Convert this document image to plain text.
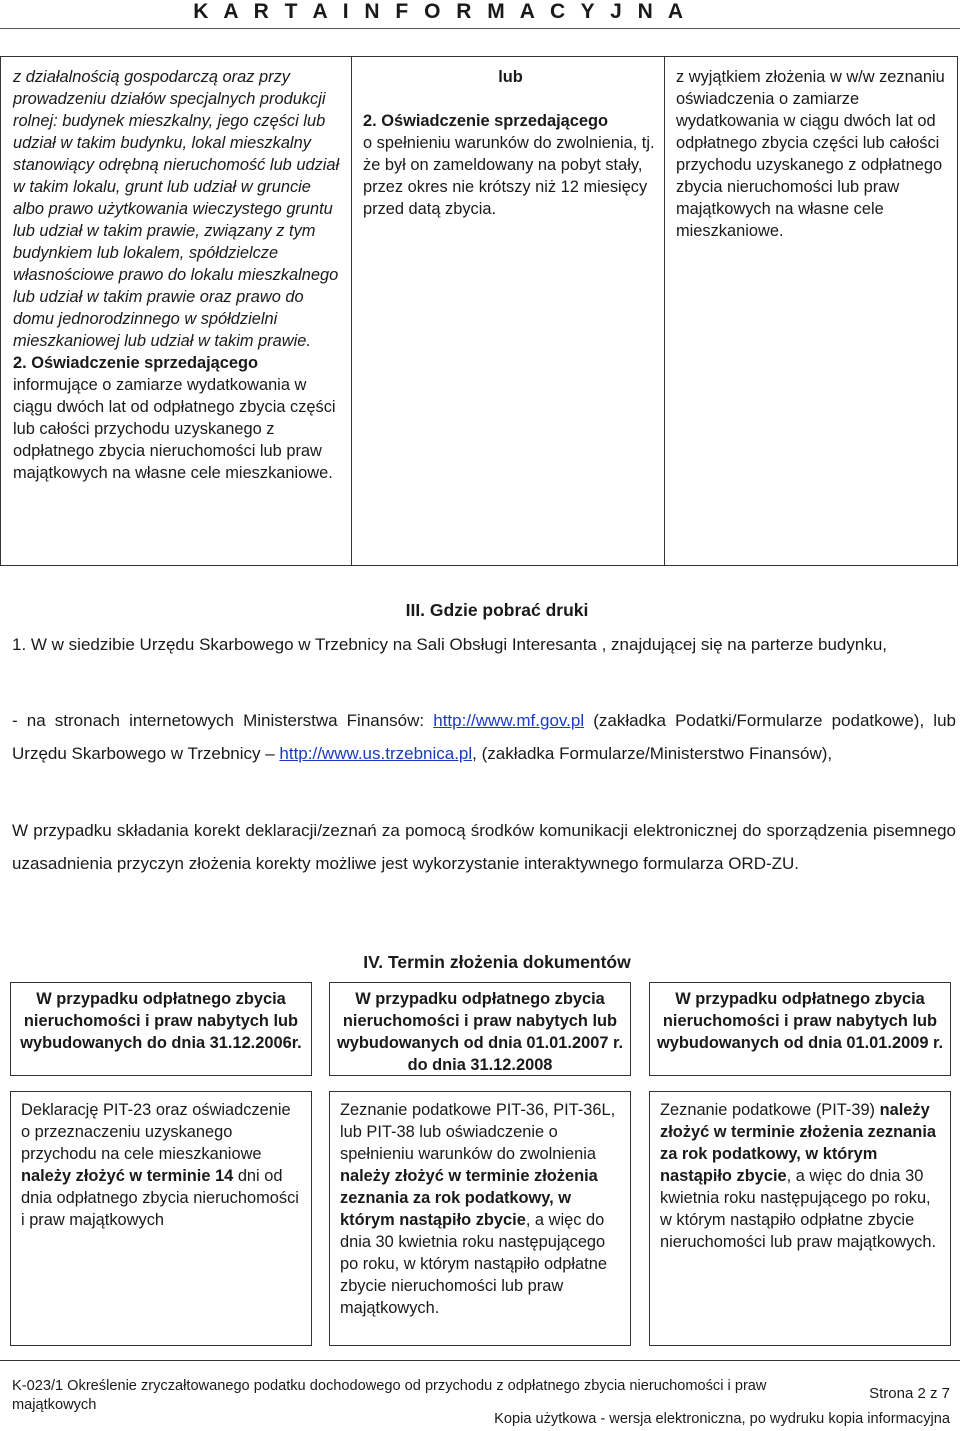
K A R T A I N F O R M A C Y J N A
z działalnością gospodarczą oraz przy prowadzeniu działów specjalnych produkcji rolnej: budynek mieszkalny, jego części lub udział w takim budynku, lokal mieszkalny stanowiący odrębną nieruchomość lub udział w takim lokalu, grunt lub udział w gruncie albo prawo użytkowania wieczystego gruntu lub udział w takim prawie, związany z tym budynkiem lub lokalem, spółdzielcze własnościowe prawo do lokalu mieszkalnego lub udział w takim prawie oraz prawo do domu jednorodzinnego w spółdzielni mieszkaniowej lub udział w takim prawie.
2. Oświadczenie sprzedającego
informujące o zamiarze wydatkowania w ciągu dwóch lat od odpłatnego zbycia części lub całości przychodu uzyskanego z odpłatnego zbycia nieruchomości lub praw majątkowych na własne cele mieszkaniowe.
lub
2. Oświadczenie sprzedającego
o spełnieniu warunków do zwolnienia, tj. że był on zameldowany na pobyt stały, przez okres nie krótszy niż 12 miesięcy przed datą zbycia.
z wyjątkiem złożenia w w/w zeznaniu oświadczenia o zamiarze wydatkowania w ciągu dwóch lat od odpłatnego zbycia części lub całości przychodu uzyskanego z odpłatnego zbycia nieruchomości lub praw majątkowych na własne cele mieszkaniowe.
III. Gdzie pobrać druki
1. W w siedzibie Urzędu Skarbowego w Trzebnicy na Sali Obsługi Interesanta , znajdującej się na parterze budynku,
- na stronach internetowych Ministerstwa Finansów: http://www.mf.gov.pl (zakładka Podatki/Formularze podatkowe), lub Urzędu Skarbowego w Trzebnicy – http://www.us.trzebnica.pl, (zakładka Formularze/Ministerstwo Finansów),
W przypadku składania korekt deklaracji/zeznań za pomocą środków komunikacji elektronicznej do sporządzenia pisemnego uzasadnienia przyczyn złożenia korekty możliwe jest wykorzystanie interaktywnego formularza ORD-ZU.
IV. Termin złożenia dokumentów
W przypadku odpłatnego zbycia nieruchomości i praw nabytych lub wybudowanych do dnia 31.12.2006r.
W przypadku odpłatnego zbycia nieruchomości i praw nabytych lub wybudowanych od dnia 01.01.2007 r. do dnia 31.12.2008
W przypadku odpłatnego zbycia nieruchomości i praw nabytych lub wybudowanych od dnia 01.01.2009 r.
Deklarację PIT-23 oraz oświadczenie o przeznaczeniu uzyskanego przychodu na cele mieszkaniowe należy złożyć w terminie 14 dni od dnia odpłatnego zbycia nieruchomości i praw majątkowych
Zeznanie podatkowe PIT-36, PIT-36L, lub PIT-38 lub oświadczenie o spełnieniu warunków do zwolnienia należy złożyć w terminie złożenia zeznania za rok podatkowy, w którym nastąpiło zbycie, a więc do dnia 30 kwietnia roku następującego po roku, w którym nastąpiło odpłatne zbycie nieruchomości lub praw majątkowych.
Zeznanie podatkowe (PIT-39) należy złożyć w terminie złożenia zeznania za rok podatkowy, w którym nastąpiło zbycie, a więc do dnia 30 kwietnia roku następującego po roku, w którym nastąpiło odpłatne zbycie nieruchomości lub praw majątkowych.
K-023/1 Określenie zryczałtowanego podatku dochodowego od przychodu z odpłatnego zbycia nieruchomości i praw majątkowych
Strona 2 z 7
Kopia użytkowa - wersja elektroniczna, po wydruku kopia informacyjna
